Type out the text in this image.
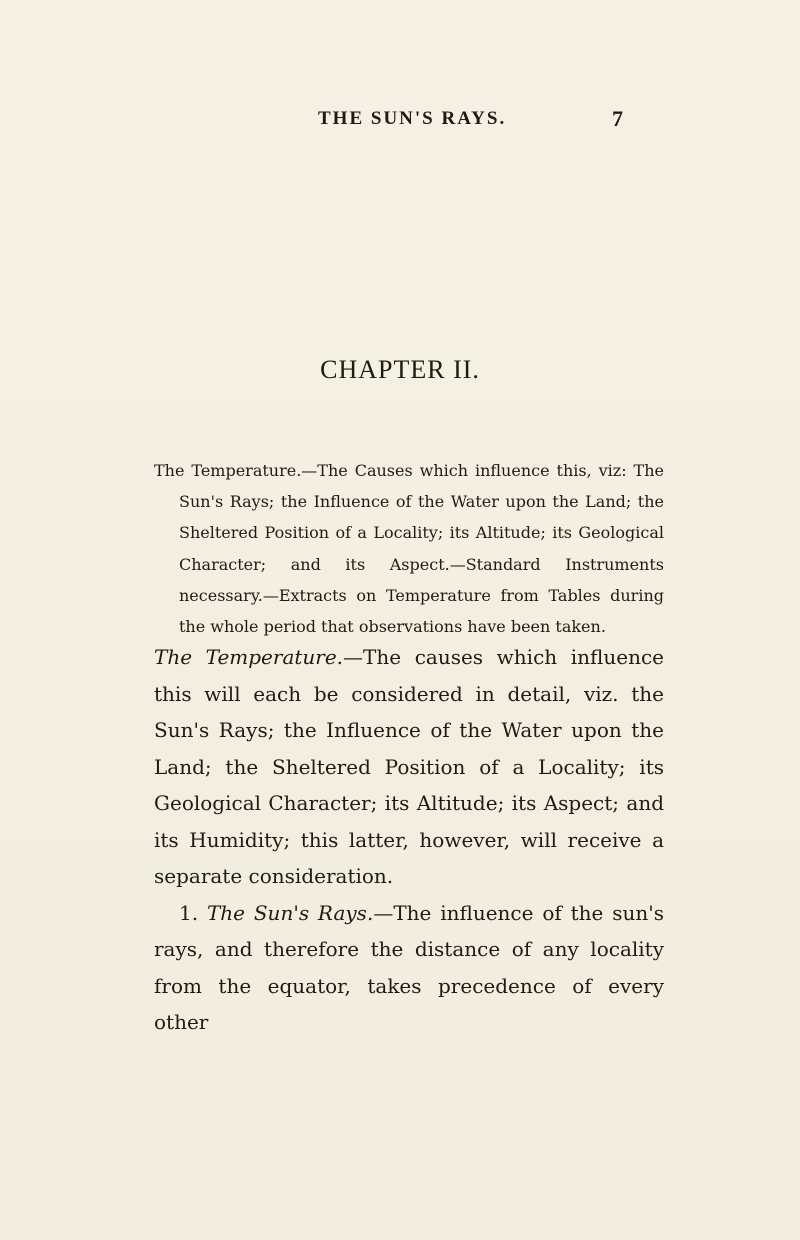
THE SUN'S RAYS.	7
CHAPTER II.
The Temperature.—The Causes which influence this, viz: The Sun's Rays; the Influence of the Water upon the Land; the Sheltered Position of a Locality; its Altitude; its Geological Character; and its Aspect.—Standard Instruments necessary.—Extracts on Temperature from Tables during the whole period that observations have been taken.

The Temperature.—The causes which influence this will each be considered in detail, viz. the Sun's Rays; the Influence of the Water upon the Land; the Sheltered Position of a Locality; its Geological Character; its Altitude; its Aspect; and its Humidity; this latter, however, will receive a separate consideration.

1. The Sun's Rays.—The influence of the sun's rays, and therefore the distance of any locality from the equator, takes precedence of every other
